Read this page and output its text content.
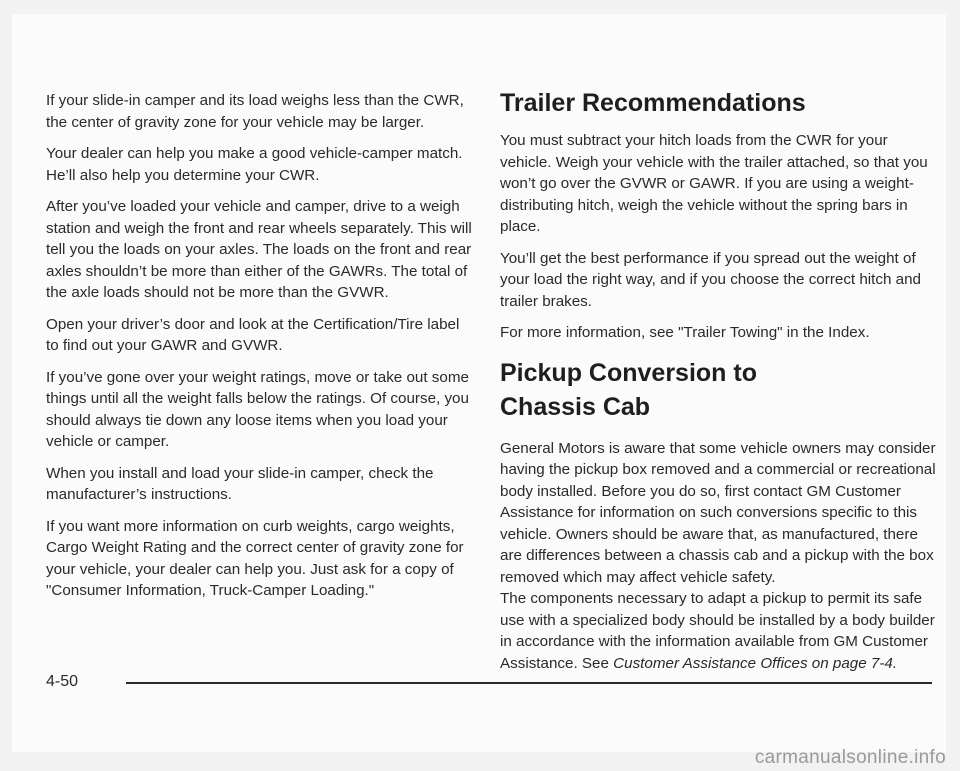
If your slide-in camper and its load weighs less than the CWR, the center of gravity zone for your vehicle may be larger.

Your dealer can help you make a good vehicle-camper match. He’ll also help you determine your CWR.

After you’ve loaded your vehicle and camper, drive to a weigh station and weigh the front and rear wheels separately. This will tell you the loads on your axles. The loads on the front and rear axles shouldn’t be more than either of the GAWRs. The total of the axle loads should not be more than the GVWR.

Open your driver’s door and look at the Certification/Tire label to find out your GAWR and GVWR.

If you’ve gone over your weight ratings, move or take out some things until all the weight falls below the ratings. Of course, you should always tie down any loose items when you load your vehicle or camper.

When you install and load your slide-in camper, check the manufacturer’s instructions.

If you want more information on curb weights, cargo weights, Cargo Weight Rating and the correct center of gravity zone for your vehicle, your dealer can help you. Just ask for a copy of "Consumer Information, Truck-Camper Loading."

Trailer Recommendations

You must subtract your hitch loads from the CWR for your vehicle. Weigh your vehicle with the trailer attached, so that you won’t go over the GVWR or GAWR. If you are using a weight-distributing hitch, weigh the vehicle without the spring bars in place.

You’ll get the best performance if you spread out the weight of your load the right way, and if you choose the correct hitch and trailer brakes.

For more information, see "Trailer Towing" in the Index.

Pickup Conversion to
Chassis Cab

General Motors is aware that some vehicle owners may consider having the pickup box removed and a commercial or recreational body installed. Before you do so, first contact GM Customer Assistance for information on such conversions specific to this vehicle. Owners should be aware that, as manufactured, there are differences between a chassis cab and a pickup with the box removed which may affect vehicle safety.

The components necessary to adapt a pickup to permit its safe use with a specialized body should be installed by a body builder in accordance with the information available from GM Customer Assistance. See Customer Assistance Offices on page 7-4.

4-50
carmanualsonline.info
